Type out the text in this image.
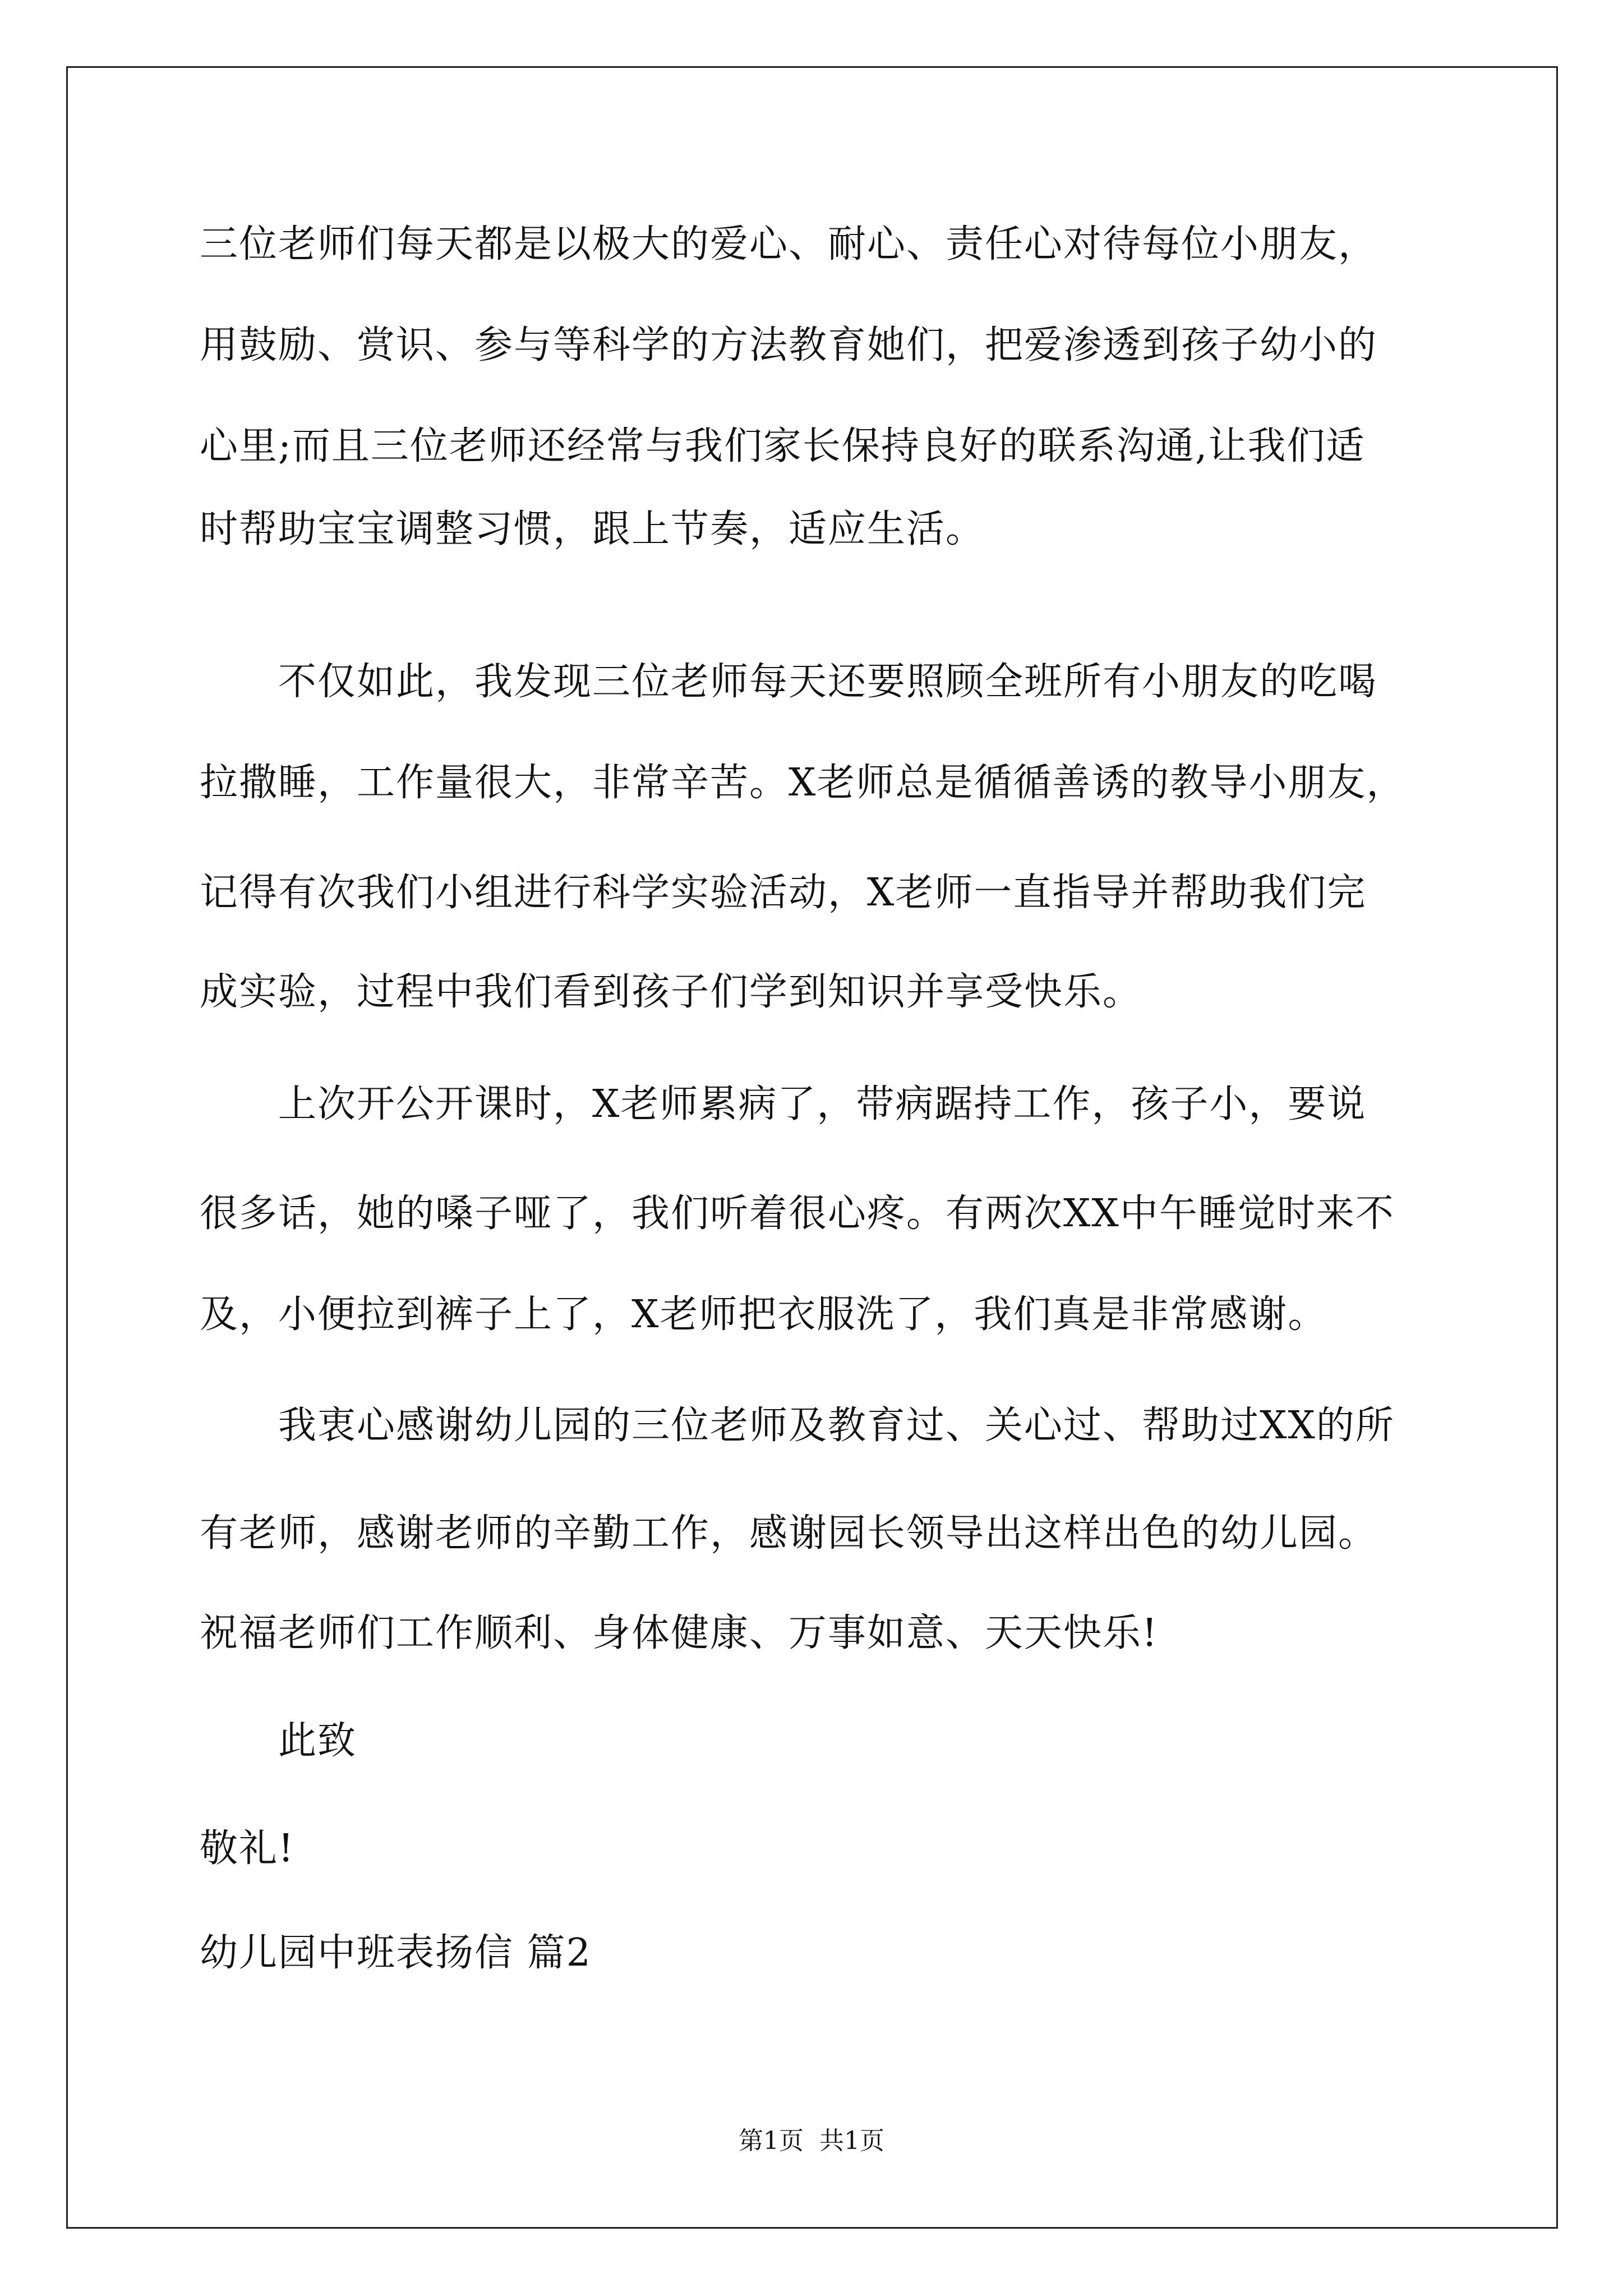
三位老师们每天都是以极大的爱心、耐心、责任心对待每位小朋友，
用鼓励、赏识、参与等科学的方法教育她们，把爱渗透到孩子幼小的
心里;而且三位老师还经常与我们家长保持良好的联系沟通,让我们适
时帮助宝宝调整习惯，跟上节奏，适应生活。
不仅如此，我发现三位老师每天还要照顾全班所有小朋友的吃喝
拉撒睡，工作量很大，非常辛苦。X老师总是循循善诱的教导小朋友，
记得有次我们小组进行科学实验活动，X老师一直指导并帮助我们完
成实验，过程中我们看到孩子们学到知识并享受快乐。
上次开公开课时，X老师累病了，带病踞持工作，孩子小，要说
很多话，她的嗓子哑了，我们听着很心疼。有两次XX中午睡觉时来不
及，小便拉到裤子上了，X老师把衣服洗了，我们真是非常感谢。
我衷心感谢幼儿园的三位老师及教育过、关心过、帮助过XX的所
有老师，感谢老师的辛勤工作，感谢园长领导出这样出色的幼儿园。
祝福老师们工作顺利、身体健康、万事如意、天天快乐!
此致
敬礼!
幼儿园中班表扬信 篇2
第1页 共1页
